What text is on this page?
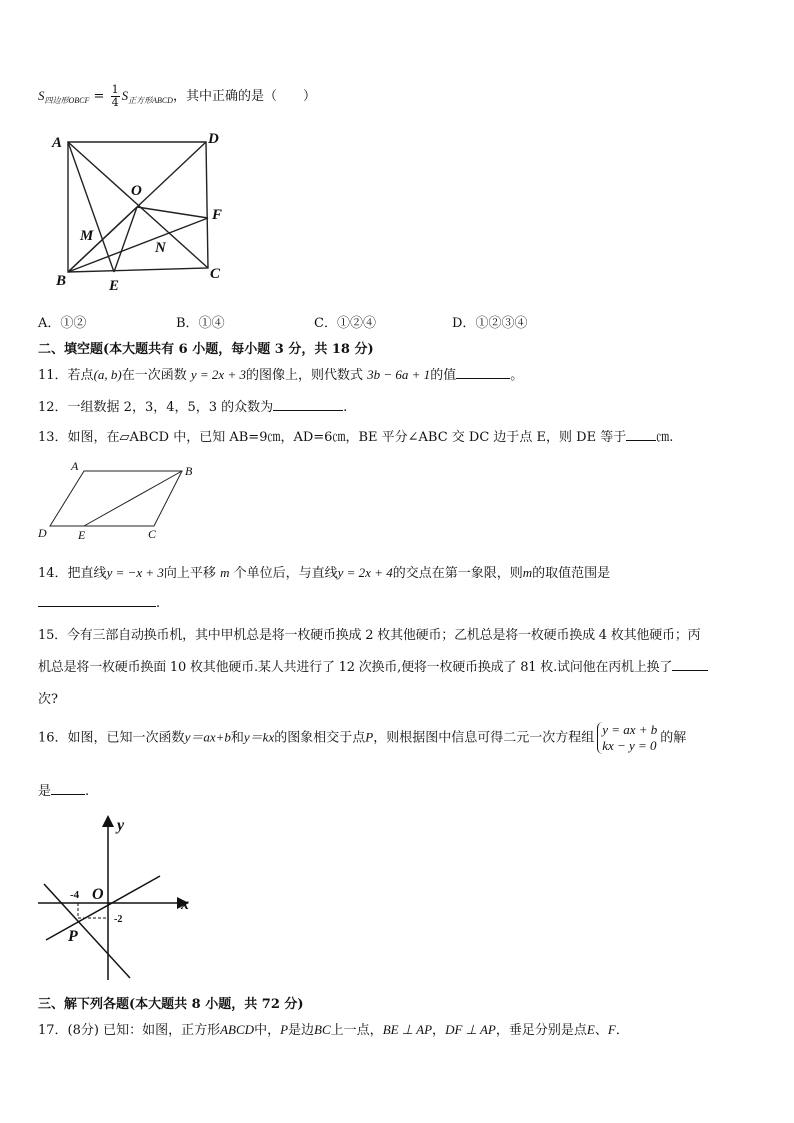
$S_{四边形OBCF} = \frac{1}{4} S_{正方形ABCD}$，其中正确的是（　　）
A	D
O
F
M
N
B	E
C
A．①②	B．①④	C．①②④	D．①②③④
二、填空题(本大题共有 6 小题，每小题 3 分，共 18 分)
11．若点(a, b)在一次函数 y = 2x + 3的图像上，则代数式 3b − 6a + 1的值	。
12．一组数据 2，3，4，5，3 的众数为	.
13．如图，在▱ABCD 中，已知 AB=9㎝，AD=6㎝，BE 平分∠ABC 交 DC 边于点 E，则 DE 等于 ㎝.
A	B
D	E	C
14．把直线y = −x + 3向上平移 m 个单位后，与直线y = 2x + 4的交点在第一象限，则m的取值范围是
.
15．今有三部自动换币机，其中甲机总是将一枚硬币换成 2 枚其他硬币；乙机总是将一枚硬币换成 4 枚其他硬币；丙
机总是将一枚硬币换面 10 枚其他硬币.某人共进行了 12 次换币,便将一枚硬币换成了 81 枚.试问他在丙机上换了
次?
16．如图，已知一次函数y＝ax+b和y＝kx的图象相交于点P，则根据图中信息可得二元一次方程组
y = ax + b
kx − y = 0 的解
是	.
y
x
O
-4
-2
P
三、解下列各题(本大题共 8 小题，共 72 分)
17．(8分) 已知：如图，正方形ABCD中，P是边BC上一点，BE ⊥ AP，DF ⊥ AP，垂足分别是点E、F．
